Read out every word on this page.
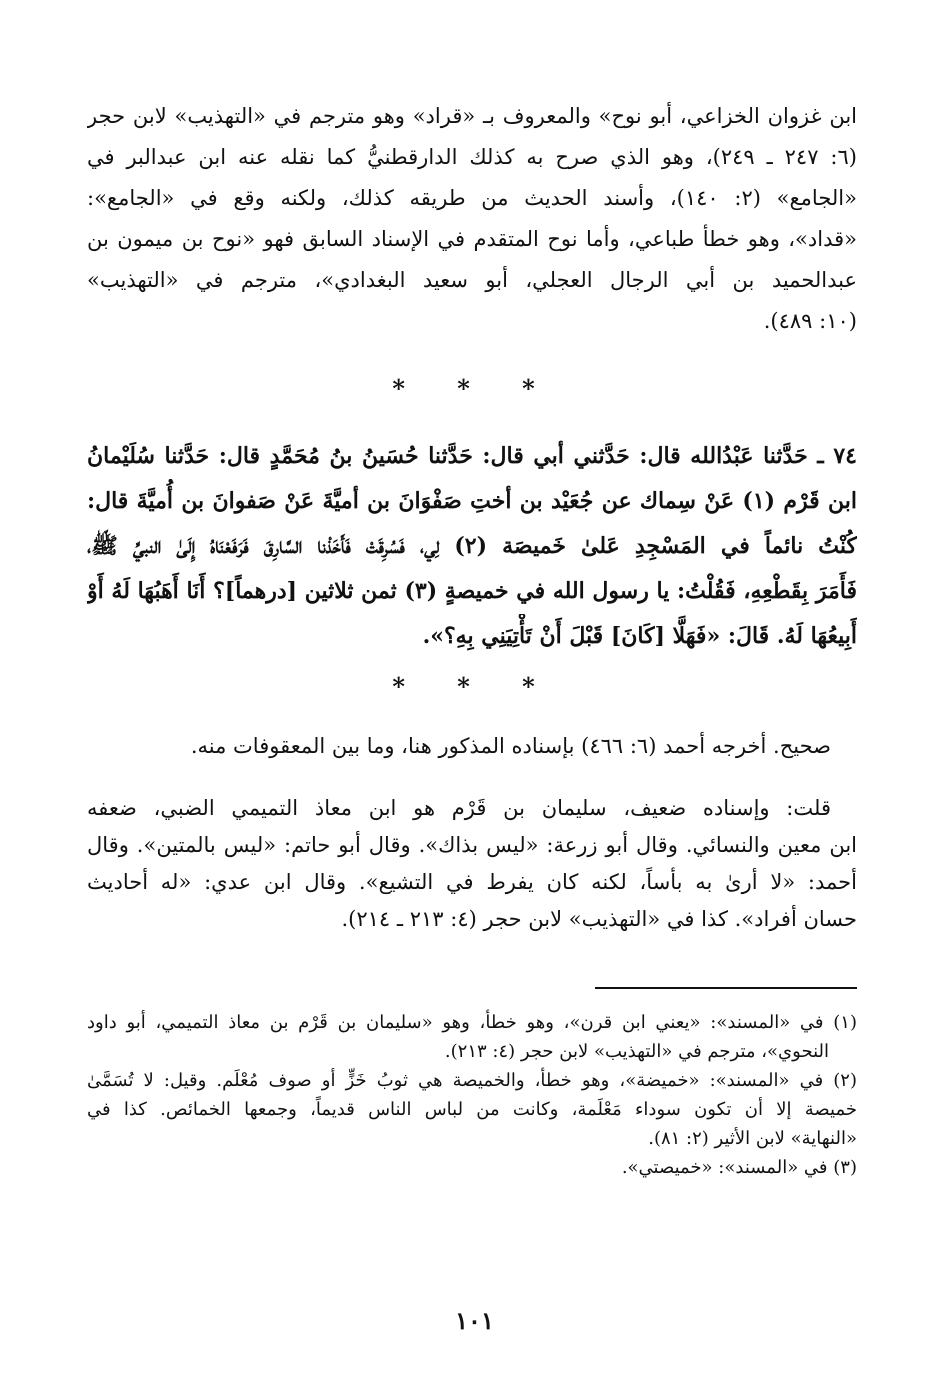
ابن غزوان الخزاعي، أبو نوح» والمعروف بـ «قراد» وهو مترجم في «التهذيب» لابن حجر
(٦: ٢٤٧ ـ ٢٤٩)، وهو الذي صرح به كذلك الدارقطنيُّ كما نقله عنه ابن عبدالبر في
«الجامع» (٢: ١٤٠)، وأسند الحديث من طريقه كذلك، ولكنه وقع في «الجامع»:
«قداد»، وهو خطأ طباعي، وأما نوح المتقدم في الإسناد السابق فهو «نوح بن ميمون بن
عبدالحميد بن أبي الرجال العجلي، أبو سعيد البغدادي»، مترجم في «التهذيب»
(١٠: ٤٨٩).
* * *
٧٤ ـ حَدَّثنا عَبْدُالله قال: حَدَّثني أبي قال: حَدَّثنا حُسَينُ بنُ مُحَمَّدٍ قال: حَدَّثنا سُلَيْمانُ
ابن قَرْم (١) عَنْ سِماك عن جُعَيْد بن أختِ صَفْوَانَ بن أميَّةَ عَنْ صَفوانَ بن أُميَّةَ قال:
كُنْتُ نائماً في المَسْجِدِ عَلىٰ خَميصَة (٢) لِي، فَسُرِقَتْ فَأَخَذْنا السَّارِقَ فَرَفَعْنَاهُ إِلَىٰ النبيِّ ﷺ،
فَأَمَرَ بِقَطْعِهِ، فَقُلْتُ: يا رسول الله في خميصةٍ (٣) ثمن ثلاثين [درهماً]؟ أَنَا أَهَبُهَا لَهُ أَوْ
أَبِيعُهَا لَهُ. قَالَ: «فَهَلَّا [كَانَ] قَبْلَ أَنْ تَأْتِيَنِي بِهِ؟».
* * *
صحيح. أخرجه أحمد (٦: ٤٦٦) بإسناده المذكور هنا، وما بين المعقوفات منه.
قلت: وإسناده ضعيف، سليمان بن قَرْم هو ابن معاذ التميمي الضبي، ضعفه
ابن معين والنسائي. وقال أبو زرعة: «ليس بذاك». وقال أبو حاتم: «ليس بالمتين». وقال
أحمد: «لا أرىٰ به بأساً، لكنه كان يفرط في التشيع». وقال ابن عدي: «له أحاديث
حسان أفراد». كذا في «التهذيب» لابن حجر (٤: ٢١٣ ـ ٢١٤).
(١) في «المسند»: «يعني ابن قرن»، وهو خطأ، وهو «سليمان بن قَرْم بن معاذ التميمي، أبو داود
النحوي»، مترجم في «التهذيب» لابن حجر (٤: ٢١٣).
(٢) في «المسند»: «خميضة»، وهو خطأ، والخميصة هي ثوبُ خَزٍّ أو صوف مُعْلَم. وقيل: لا تُسَمَّىٰ
خميصة إلا أن تكون سوداء مَعْلَمة، وكانت من لباس الناس قديماً، وجمعها الخمائص. كذا في
«النهاية» لابن الأثير (٢: ٨١).
(٣) في «المسند»: «خميصتي».
١٠١
